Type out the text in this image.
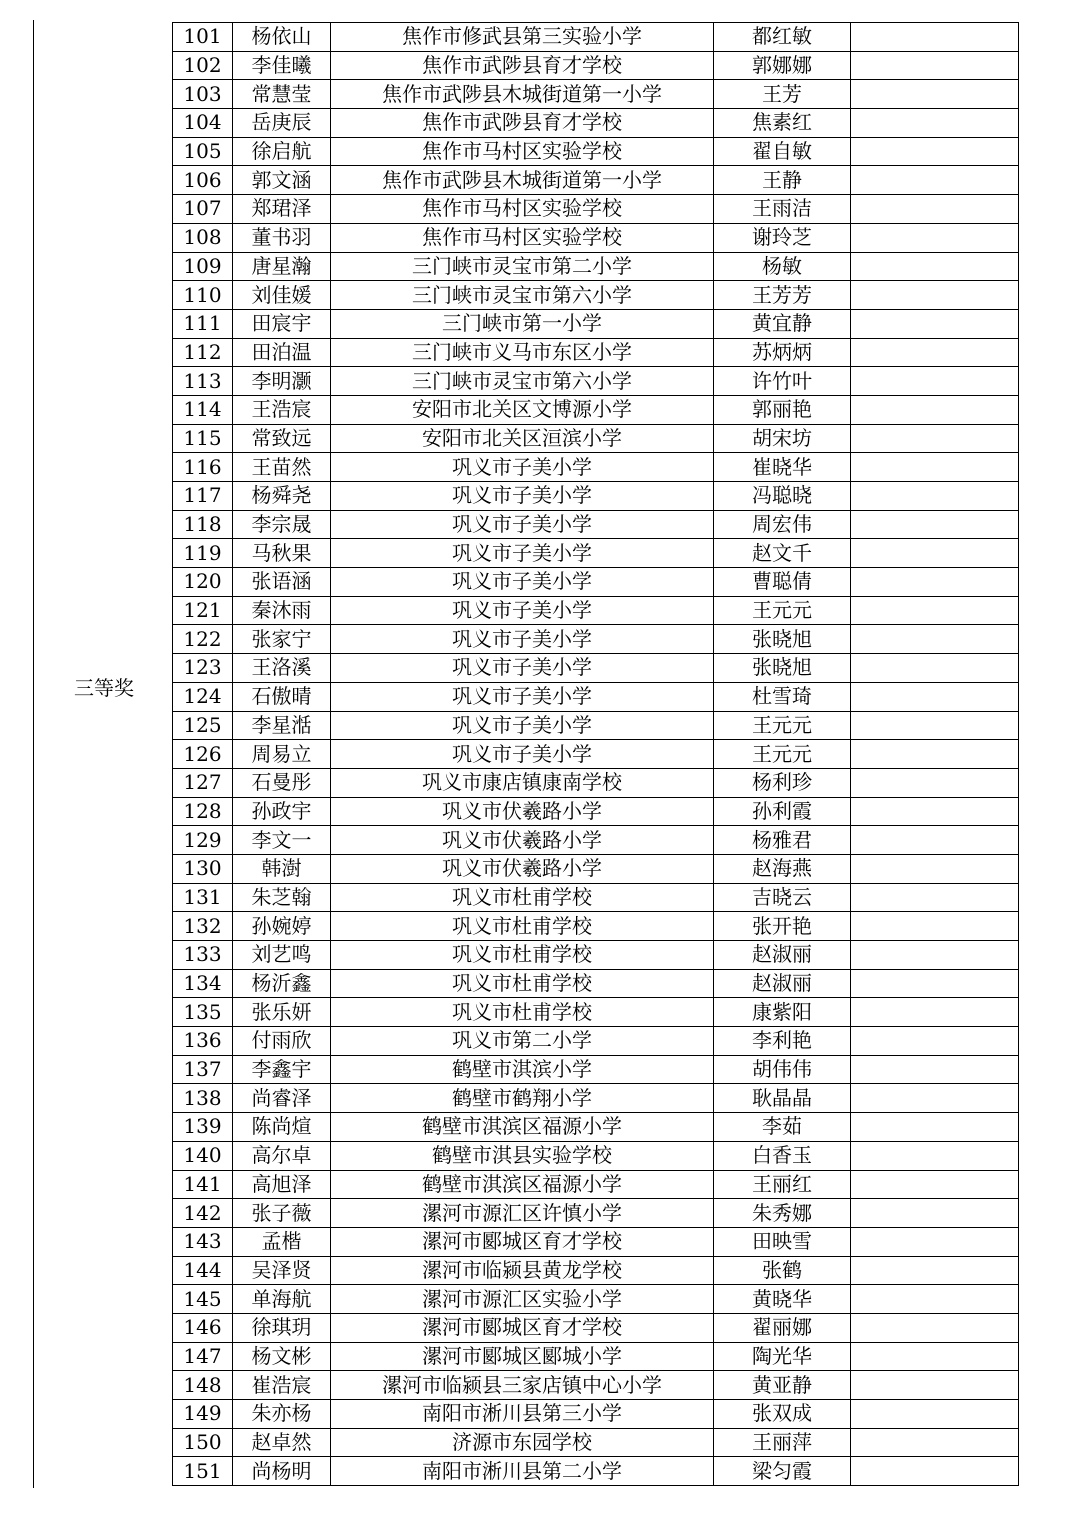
三等奖
101	杨依山	焦作市修武县第三实验小学	都红敏	
102	李佳曦	焦作市武陟县育才学校	郭娜娜	
103	常慧莹	焦作市武陟县木城街道第一小学	王芳	
104	岳庚辰	焦作市武陟县育才学校	焦素红	
105	徐启航	焦作市马村区实验学校	翟自敏	
106	郭文涵	焦作市武陟县木城街道第一小学	王静	
107	郑珺泽	焦作市马村区实验学校	王雨洁	
108	董书羽	焦作市马村区实验学校	谢玲芝	
109	唐星瀚	三门峡市灵宝市第二小学	杨敏	
110	刘佳媛	三门峡市灵宝市第六小学	王芳芳	
111	田宸宇	三门峡市第一小学	黄宜静	
112	田泊温	三门峡市义马市东区小学	苏炳炳	
113	李明灏	三门峡市灵宝市第六小学	许竹叶	
114	王浩宸	安阳市北关区文博源小学	郭丽艳	
115	常致远	安阳市北关区洹滨小学	胡宋坊	
116	王苗然	巩义市子美小学	崔晓华	
117	杨舜尧	巩义市子美小学	冯聪晓	
118	李宗晟	巩义市子美小学	周宏伟	
119	马秋果	巩义市子美小学	赵文千	
120	张语涵	巩义市子美小学	曹聪倩	
121	秦沐雨	巩义市子美小学	王元元	
122	张家宁	巩义市子美小学	张晓旭	
123	王洛溪	巩义市子美小学	张晓旭	
124	石傲晴	巩义市子美小学	杜雪琦	
125	李星湉	巩义市子美小学	王元元	
126	周易立	巩义市子美小学	王元元	
127	石曼彤	巩义市康店镇康南学校	杨利珍	
128	孙政宇	巩义市伏羲路小学	孙利霞	
129	李文一	巩义市伏羲路小学	杨雅君	
130	韩澍	巩义市伏羲路小学	赵海燕	
131	朱芝翰	巩义市杜甫学校	吉晓云	
132	孙婉婷	巩义市杜甫学校	张开艳	
133	刘艺鸣	巩义市杜甫学校	赵淑丽	
134	杨沂鑫	巩义市杜甫学校	赵淑丽	
135	张乐妍	巩义市杜甫学校	康紫阳	
136	付雨欣	巩义市第二小学	李利艳	
137	李鑫宇	鹤壁市淇滨小学	胡伟伟	
138	尚睿泽	鹤壁市鹤翔小学	耿晶晶	
139	陈尚煊	鹤壁市淇滨区福源小学	李茹	
140	高尔卓	鹤壁市淇县实验学校	白香玉	
141	高旭泽	鹤壁市淇滨区福源小学	王丽红	
142	张子薇	漯河市源汇区许慎小学	朱秀娜	
143	孟楷	漯河市郾城区育才学校	田映雪	
144	吴泽贤	漯河市临颍县黄龙学校	张鹤	
145	单海航	漯河市源汇区实验小学	黄晓华	
146	徐琪玥	漯河市郾城区育才学校	翟丽娜	
147	杨文彬	漯河市郾城区郾城小学	陶光华	
148	崔浩宸	漯河市临颍县三家店镇中心小学	黄亚静	
149	朱亦杨	南阳市淅川县第三小学	张双成	
150	赵卓然	济源市东园学校	王丽萍	
151	尚杨明	南阳市淅川县第二小学	梁匀霞	
